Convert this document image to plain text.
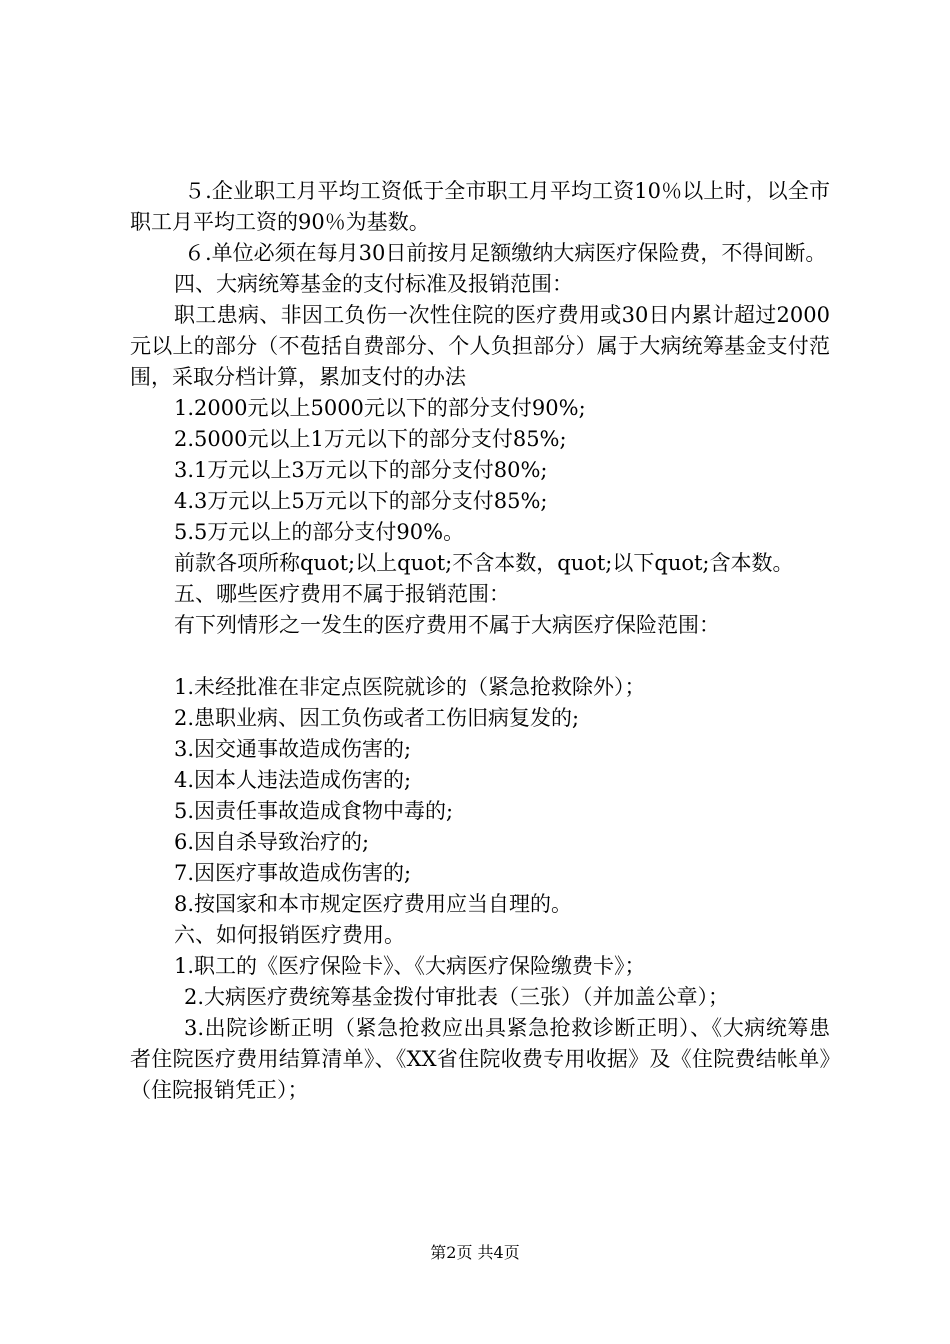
５.企业职工月平均工资低于全市职工月平均工资10％以上时，以全市职工月平均工资的90％为基数。

６.单位必须在每月30日前按月足额缴纳大病医疗保险费，不得间断。

四、大病统筹基金的支付标准及报销范围：

职工患病、非因工负伤一次性住院的医疗费用或30日内累计超过2000元以上的部分（不苞括自费部分、个人负担部分）属于大病统筹基金支付范围，采取分档计算，累加支付的办法

1.2000元以上5000元以下的部分支付90%;

2.5000元以上1万元以下的部分支付85%;

3.1万元以上3万元以下的部分支付80%;

4.3万元以上5万元以下的部分支付85%;

5.5万元以上的部分支付90%。

前款各项所称quot;以上quot;不含本数，quot;以下quot;含本数。

五、哪些医疗费用不属于报销范围：

有下列情形之一发生的医疗费用不属于大病医疗保险范围：

1.未经批准在非定点医院就诊的（紧急抢救除外）；

2.患职业病、因工负伤或者工伤旧病复发的;

3.因交通事故造成伤害的;

4.因本人违法造成伤害的;

5.因责任事故造成食物中毒的;

6.因自杀导致治疗的;

7.因医疗事故造成伤害的;

8.按国家和本市规定医疗费用应当自理的。

六、如何报销医疗费用。

1.职工的《医疗保险卡》、《大病医疗保险缴费卡》；

2.大病医疗费统筹基金拨付审批表（三张）（并加盖公章）；

3.出院诊断正明（紧急抢救应出具紧急抢救诊断正明）、《大病统筹患者住院医疗费用结算清单》、《XX省住院收费专用收据》及《住院费结帐单》（住院报销凭正）；

第2页 共4页
